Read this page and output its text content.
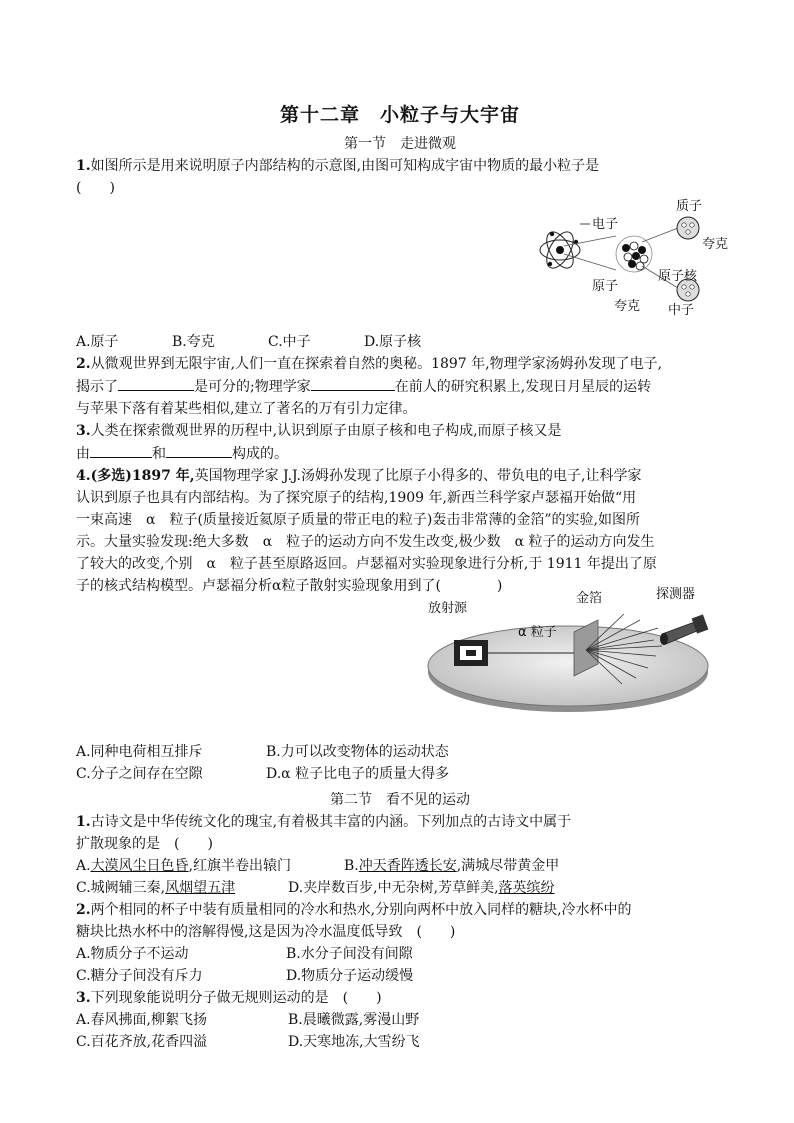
第十二章　小粒子与大宇宙
第一节　走进微观

1.如图所示是用来说明原子内部结构的示意图,由图可知构成宇宙中物质的最小粒子是

(　　)

A.原子	B.夸克	C.中子	D.原子核

2.从微观世界到无限宇宙,人们一直在探索着自然的奥秘。1897 年,物理学家汤姆孙发现了电子,

揭示了	是可分的;物理学家	在前人的研究积累上,发现日月星辰的运转

与苹果下落有着某些相似,建立了著名的万有引力定律。

3.人类在探索微观世界的历程中,认识到原子由原子核和电子构成,而原子核又是

由	和	构成的。

4.(多选)1897 年,英国物理学家 J.J.汤姆孙发现了比原子小得多的、带负电的电子,让科学家

认识到原子也具有内部结构。为了探究原子的结构,1909 年,新西兰科学家卢瑟福开始做“用

一束高速　α　粒子(质量接近氦原子质量的带正电的粒子)轰击非常薄的金箔”的实验,如图所

示。大量实验发现:绝大多数　α　粒子的运动方向不发生改变,极少数　α 粒子的运动方向发生

了较大的改变,个别　α　粒子甚至原路返回。卢瑟福对实验现象进行分析,于 1911 年提出了原

子的核式结构模型。卢瑟福分析α粒子散射实验现象用到了(　　　　)

A.同种电荷相互排斥	B.力可以改变物体的运动状态
C.分子之间存在空隙	D.α 粒子比电子的质量大得多
第二节　看不见的运动

1.古诗文是中华传统文化的瑰宝,有着极其丰富的内涵。下列加点的古诗文中属于

扩散现象的是　 (　　)

A.大漠风尘日色昏,红旗半卷出辕门	B.冲天香阵透长安,满城尽带黄金甲
C.城阙辅三秦,风烟望五津	D.夹岸数百步,中无杂树,芳草鲜美,落英缤纷

2.两个相同的杯子中装有质量相同的冷水和热水,分别向两杯中放入同样的糖块,冷水杯中的

糖块比热水杯中的溶解得慢,这是因为冷水温度低导致　 (　　)

A.物质分子不运动	B.水分子间没有间隙
C.糖分子间没有斥力	D.物质分子运动缓慢

3.下列现象能说明分子做无规则运动的是　 (　　)

A.春风拂面,柳絮飞扬	B.晨曦微露,雾漫山野
C.百花齐放,花香四溢	D.天寒地冻,大雪纷飞
电子
质子
夸克
原子核
原子
夸克 中子
放射源
金箔	探测器
α 粒子
